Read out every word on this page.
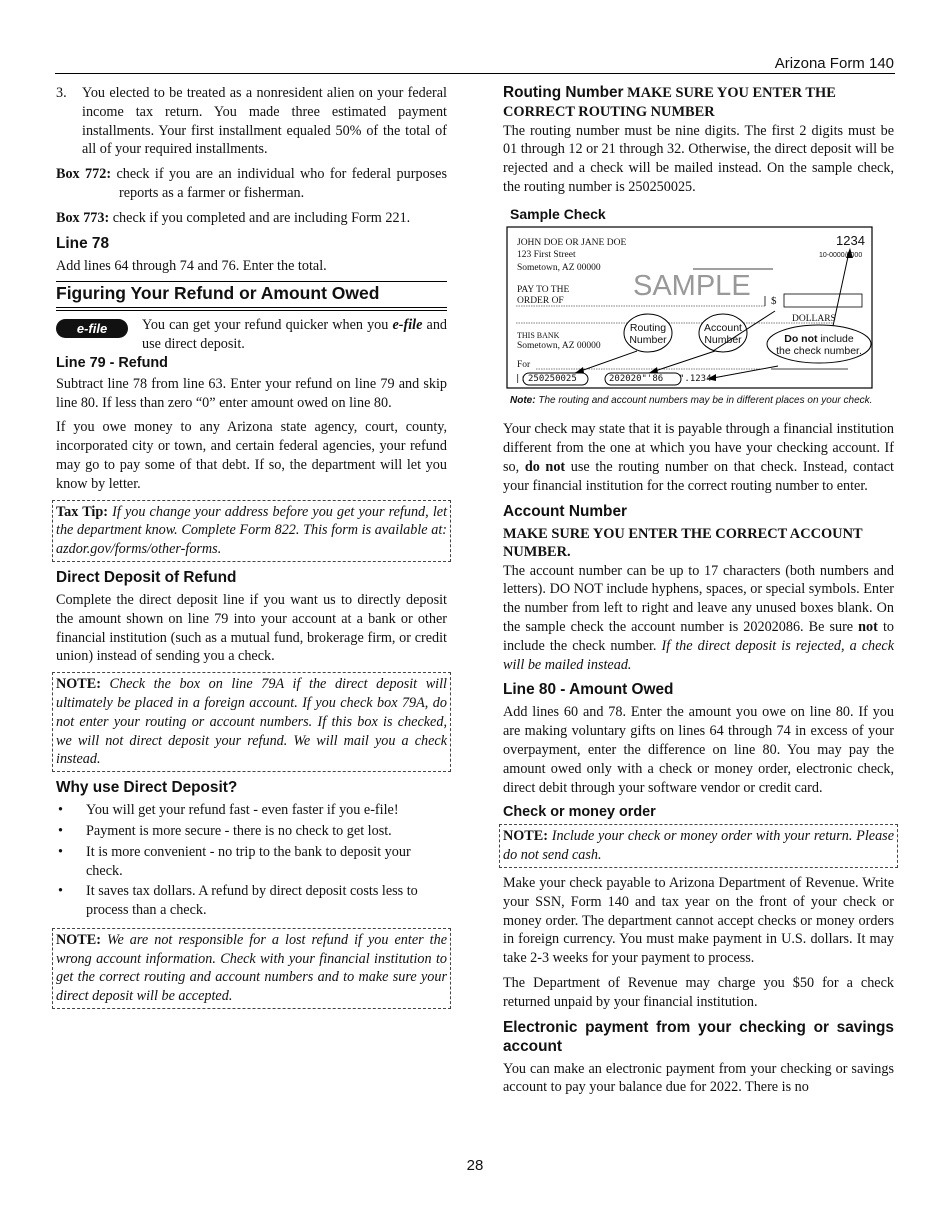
Arizona Form 140
3.	You elected to be treated as a nonresident alien on your federal income tax return. You made three estimated payment installments. Your first installment equaled 50% of the total of all of your required installments.

Box 772: check if you are an individual who for federal purposes reports as a farmer or fisherman.

Box 773: check if you completed and are including Form 221.

Line 78

Add lines 64 through 74 and 76. Enter the total.

Figuring Your Refund or Amount Owed
e-file	You can get your refund quicker when you e-file and use direct deposit.
Line 79 - Refund

Subtract line 78 from line 63. Enter your refund on line 79 and skip line 80. If less than zero “0” enter amount owed on line 80.

If you owe money to any Arizona state agency, court, county, incorporated city or town, and certain federal agencies, your refund may go to pay some of that debt. If so, the department will let you know by letter.

Tax Tip: If you change your address before you get your refund, let the department know. Complete Form 822. This form is available at: azdor.gov/forms/other-forms.
Direct Deposit of Refund

Complete the direct deposit line if you want us to directly deposit the amount shown on line 79 into your account at a bank or other financial institution (such as a mutual fund, brokerage firm, or credit union) instead of sending you a check.

NOTE: Check the box on line 79A if the direct deposit will ultimately be placed in a foreign account. If you check box 79A, do not enter your routing or account numbers. If this box is checked, we will not direct deposit your refund. We will mail you a check instead.
Why use Direct Deposit?
•	You will get your refund fast - even faster if you e-file!
•	Payment is more secure - there is no check to get lost.
•	It is more convenient - no trip to the bank to deposit your check.
•	It saves tax dollars. A refund by direct deposit costs less to process than a check.
NOTE: We are not responsible for a lost refund if you enter the wrong account information. Check with your financial institution to get the correct routing and account numbers and to make sure your direct deposit will be accepted.
Routing Number MAKE SURE YOU ENTER THE CORRECT ROUTING NUMBER

The routing number must be nine digits. The first 2 digits must be 01 through 12 or 21 through 32. Otherwise, the direct deposit will be rejected and a check will be mailed instead. On the sample check, the routing number is 250250025.

Sample Check
JOHN DOE OR JANE DOE
123 First Street
Sometown, AZ 00000
1234
10-0000/0000
PAY TO THE
ORDER OF SAMPLE $
DOLLARS
THIS BANK
Sometown, AZ 00000
For
Routing
Number
Account
Number	Do not include
the check number.
|: 250250025	202020"'86 ".1234
Note: The routing and account numbers may be in different places on your check.

Your check may state that it is payable through a financial institution different from the one at which you have your checking account. If so, do not use the routing number on that check. Instead, contact your financial institution for the correct routing number to enter.

Account Number
MAKE SURE YOU ENTER THE CORRECT ACCOUNT NUMBER.

The account number can be up to 17 characters (both numbers and letters). DO NOT include hyphens, spaces, or special symbols. Enter the number from left to right and leave any unused boxes blank. On the sample check the account number is 20202086. Be sure not to include the check number. If the direct deposit is rejected, a check will be mailed instead.

Line 80 - Amount Owed

Add lines 60 and 78. Enter the amount you owe on line 80. If you are making voluntary gifts on lines 64 through 74 in excess of your overpayment, enter the difference on line 80. You may pay the amount owed only with a check or money order, electronic check, direct debit through your software vendor or credit card.

Check or money order
NOTE: Include your check or money order with your return. Please do not send cash.

Make your check payable to Arizona Department of Revenue. Write your SSN, Form 140 and tax year on the front of your check or money order. The department cannot accept checks or money orders in foreign currency. You must make payment in U.S. dollars. It may take 2-3 weeks for your payment to process.

The Department of Revenue may charge you $50 for a check returned unpaid by your financial institution.

Electronic payment from your checking or savings account

You can make an electronic payment from your checking or savings account to pay your balance due for 2022. There is no

28
